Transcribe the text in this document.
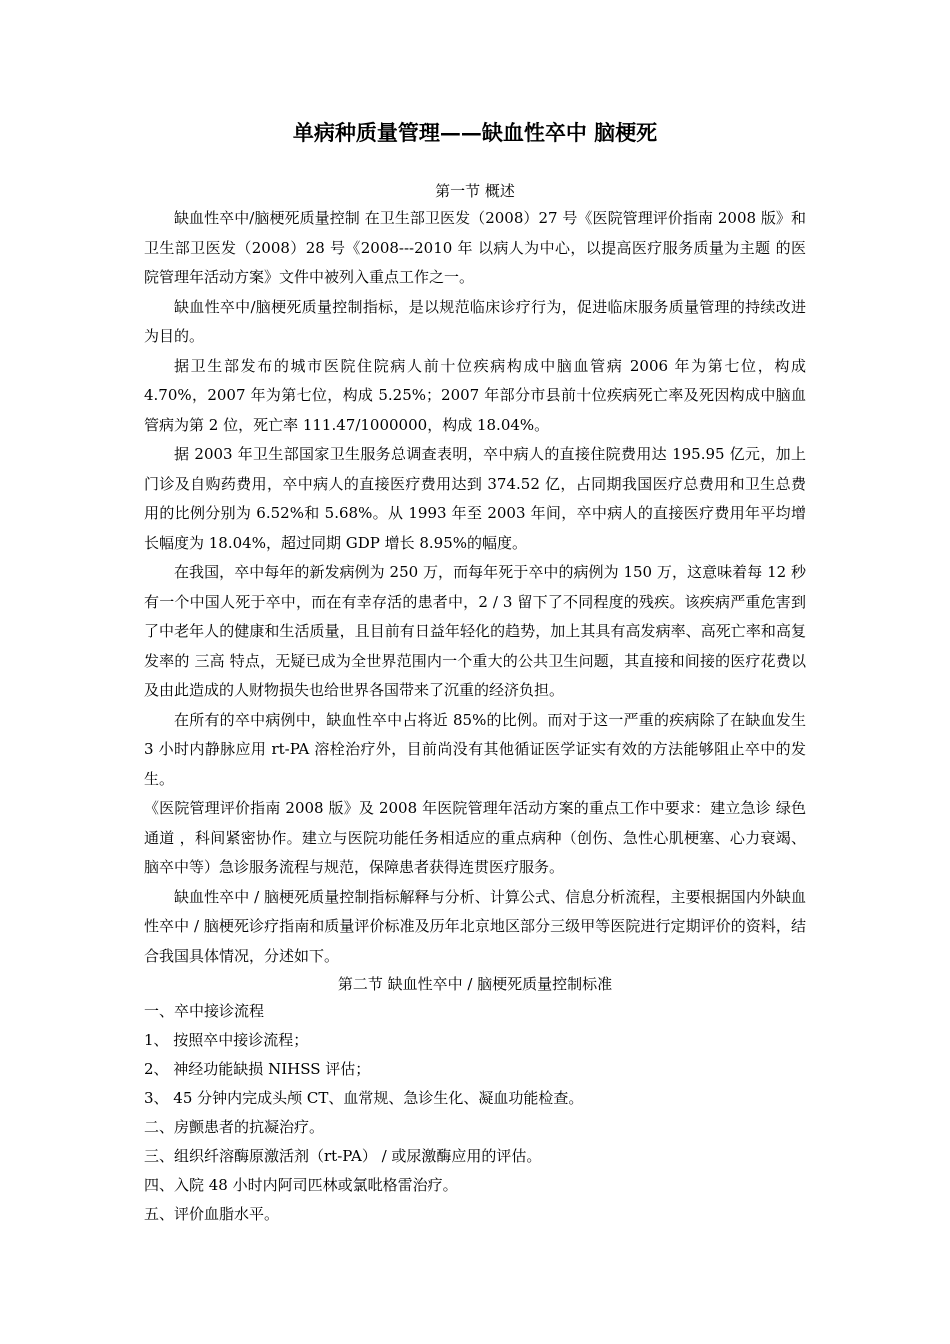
单病种质量管理——缺血性卒中 脑梗死

第一节 概述

缺血性卒中/脑梗死质量控制 在卫生部卫医发（2008）27 号《医院管理评价指南 2008 版》和卫生部卫医发（2008）28 号《2008---2010 年 以病人为中心，以提高医疗服务质量为主题 的医院管理年活动方案》文件中被列入重点工作之一。

缺血性卒中/脑梗死质量控制指标，是以规范临床诊疗行为，促进临床服务质量管理的持续改进为目的。

据卫生部发布的城市医院住院病人前十位疾病构成中脑血管病 2006 年为第七位，构成 4.70%，2007 年为第七位，构成 5.25%；2007 年部分市县前十位疾病死亡率及死因构成中脑血管病为第 2 位，死亡率 111.47/1000000，构成 18.04%。

据 2003 年卫生部国家卫生服务总调查表明，卒中病人的直接住院费用达 195.95 亿元，加上门诊及自购药费用，卒中病人的直接医疗费用达到 374.52 亿，占同期我国医疗总费用和卫生总费用的比例分别为 6.52%和 5.68%。从 1993 年至 2003 年间，卒中病人的直接医疗费用年平均增长幅度为 18.04%，超过同期 GDP 增长 8.95%的幅度。

在我国，卒中每年的新发病例为 250 万，而每年死于卒中的病例为 150 万，这意味着每 12 秒有一个中国人死于卒中，而在有幸存活的患者中，2 / 3 留下了不同程度的残疾。该疾病严重危害到了中老年人的健康和生活质量，且目前有日益年轻化的趋势，加上其具有高发病率、高死亡率和高复发率的 三高 特点，无疑已成为全世界范围内一个重大的公共卫生问题，其直接和间接的医疗花费以及由此造成的人财物损失也给世界各国带来了沉重的经济负担。

在所有的卒中病例中，缺血性卒中占将近 85%的比例。而对于这一严重的疾病除了在缺血发生 3 小时内静脉应用 rt-PA 溶栓治疗外，目前尚没有其他循证医学证实有效的方法能够阻止卒中的发生。

《医院管理评价指南 2008 版》及 2008 年医院管理年活动方案的重点工作中要求：建立急诊 绿色通道 ，科间紧密协作。建立与医院功能任务相适应的重点病种（创伤、急性心肌梗塞、心力衰竭、脑卒中等）急诊服务流程与规范，保障患者获得连贯医疗服务。

缺血性卒中 / 脑梗死质量控制指标解释与分析、计算公式、信息分析流程，主要根据国内外缺血性卒中 / 脑梗死诊疗指南和质量评价标准及历年北京地区部分三级甲等医院进行定期评价的资料，结合我国具体情况，分述如下。

第二节 缺血性卒中 / 脑梗死质量控制标准

一、卒中接诊流程

1、 按照卒中接诊流程；

2、 神经功能缺损 NIHSS 评估；

3、 45 分钟内完成头颅 CT、血常规、急诊生化、凝血功能检查。

二、房颤患者的抗凝治疗。

三、组织纤溶酶原激活剂（rt-PA） / 或尿激酶应用的评估。

四、入院 48 小时内阿司匹林或氯吡格雷治疗。

五、评价血脂水平。
